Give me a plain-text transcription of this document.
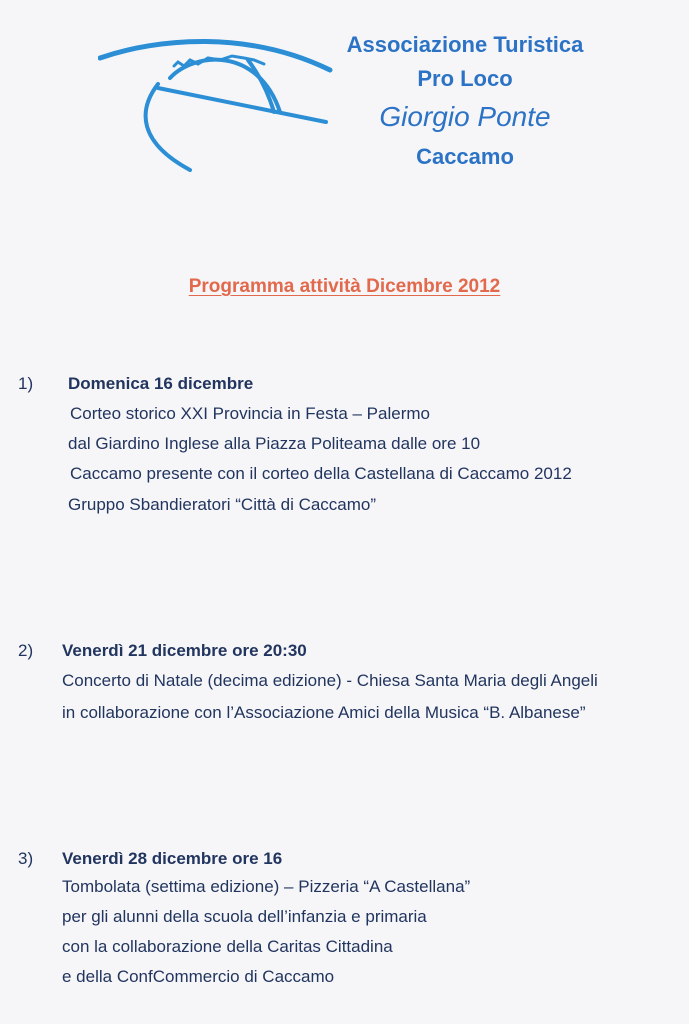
Associazione Turistica
Pro Loco
Giorgio Ponte
Caccamo
Programma attività Dicembre 2012
1) Domenica 16 dicembre
Corteo storico XXI Provincia in Festa – Palermo
dal Giardino Inglese alla Piazza Politeama dalle ore 10
Caccamo presente con il corteo della Castellana di Caccamo 2012
Gruppo Sbandieratori “Città di Caccamo”
2) Venerdì 21 dicembre ore 20:30
Concerto di Natale (decima edizione) - Chiesa Santa Maria degli Angeli
in collaborazione con l’Associazione Amici della Musica “B. Albanese”
3) Venerdì 28 dicembre ore 16
Tombolata (settima edizione) – Pizzeria “A Castellana”
per gli alunni della scuola dell’infanzia e primaria
con la collaborazione della Caritas Cittadina
e della ConfCommercio di Caccamo
